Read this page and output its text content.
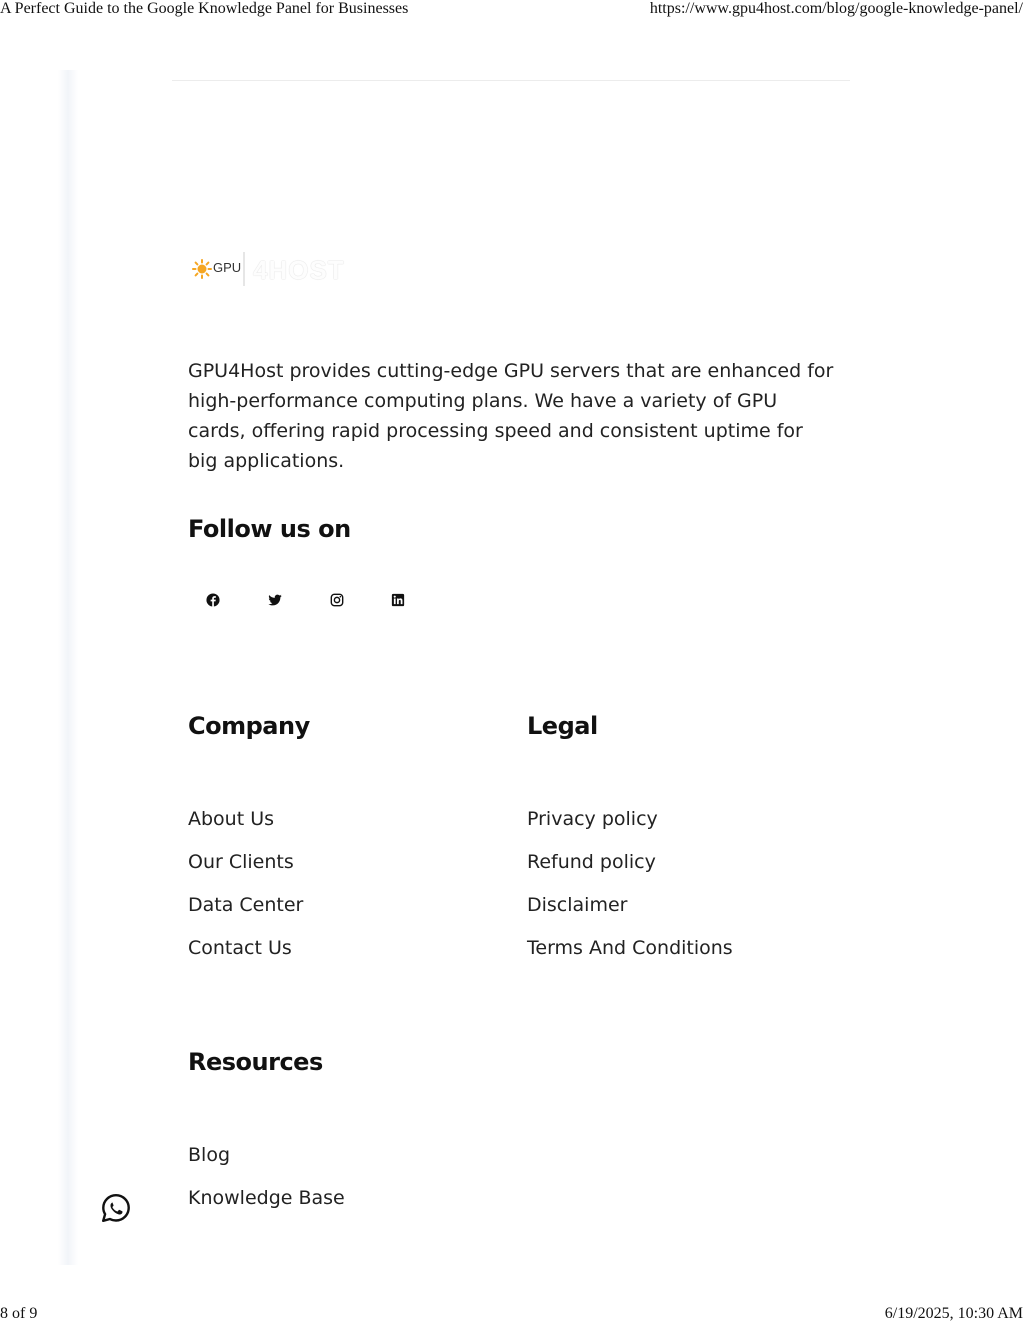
A Perfect Guide to the Google Knowledge Panel for Businesses	https://www.gpu4host.com/blog/google-knowledge-panel/
GPU 4HOST

GPU4Host provides cutting-edge GPU servers that are enhanced for high-performance computing plans. We have a variety of GPU cards, offering rapid processing speed and consistent uptime for big applications.

Follow us on
Company
About Us
Our Clients
Data Center
Contact Us
Legal
Privacy policy
Refund policy
Disclaimer
Terms And Conditions
Resources
Blog
Knowledge Base
8 of 9	6/19/2025, 10:30 AM
